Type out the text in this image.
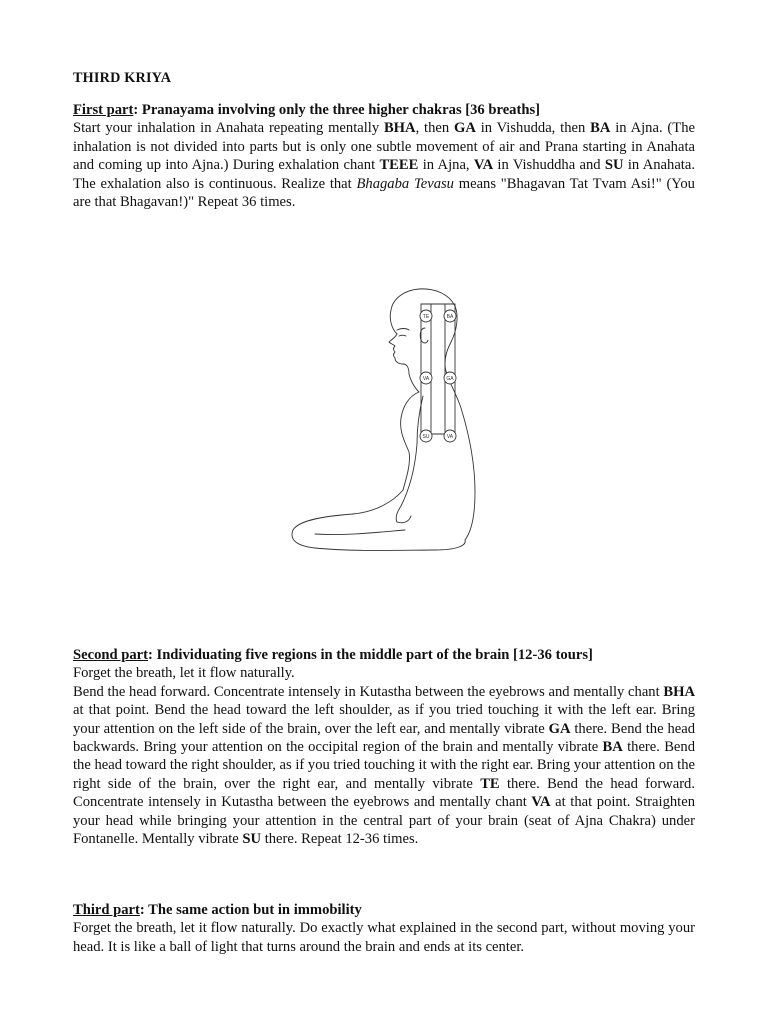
THIRD KRIYA

First part: Pranayama involving only the three higher chakras [36 breaths]

Start your inhalation in Anahata repeating mentally BHA, then GA in Vishudda, then BA in Ajna. (The inhalation is not divided into parts but is only one subtle movement of air and Prana starting in Anahata and coming up into Ajna.) During exhalation chant TEEE in Ajna, VA in Vishuddha and SU in Anahata. The exhalation also is continuous. Realize that Bhagaba Tevasu means "Bhagavan Tat Tvam Asi!" (You are that Bhagavan!)" Repeat 36 times.

TE	BA
VA	GA
SU	VA

Second part: Individuating five regions in the middle part of the brain [12-36 tours]

Forget the breath, let it flow naturally.

Bend the head forward. Concentrate intensely in Kutastha between the eyebrows and mentally chant BHA at that point. Bend the head toward the left shoulder, as if you tried touching it with the left ear. Bring your attention on the left side of the brain, over the left ear, and mentally vibrate GA there. Bend the head backwards. Bring your attention on the occipital region of the brain and mentally vibrate BA there. Bend the head toward the right shoulder, as if you tried touching it with the right ear. Bring your attention on the right side of the brain, over the right ear, and mentally vibrate TE there. Bend the head forward. Concentrate intensely in Kutastha between the eyebrows and mentally chant VA at that point. Straighten your head while bringing your attention in the central part of your brain (seat of Ajna Chakra) under Fontanelle. Mentally vibrate SU there. Repeat 12-36 times.

Third part: The same action but in immobility

Forget the breath, let it flow naturally. Do exactly what explained in the second part, without moving your head. It is like a ball of light that turns around the brain and ends at its center.
